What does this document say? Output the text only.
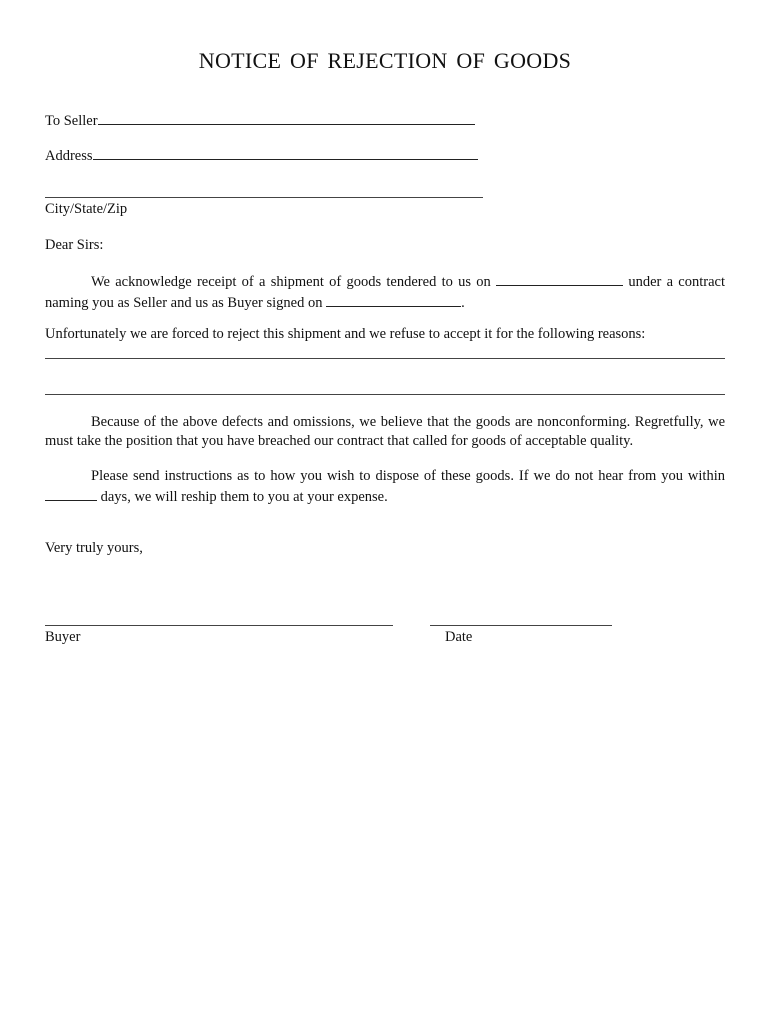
NOTICE OF REJECTION OF GOODS
To Seller
Address
City/State/Zip
Dear Sirs:
We acknowledge receipt of a shipment of goods tendered to us on	under a contract naming you as Seller and us as Buyer signed on	.
Unfortunately we are forced to reject this shipment and we refuse to accept it for the following reasons:
Because of the above defects and omissions, we believe that the goods are nonconforming. Regretfully, we must take the position that you have breached our contract that called for goods of acceptable quality.
Please send instructions as to how you wish to dispose of these goods. If we do not hear from you within  days, we will reship them to you at your expense.
Very truly yours,
Buyer	Date
